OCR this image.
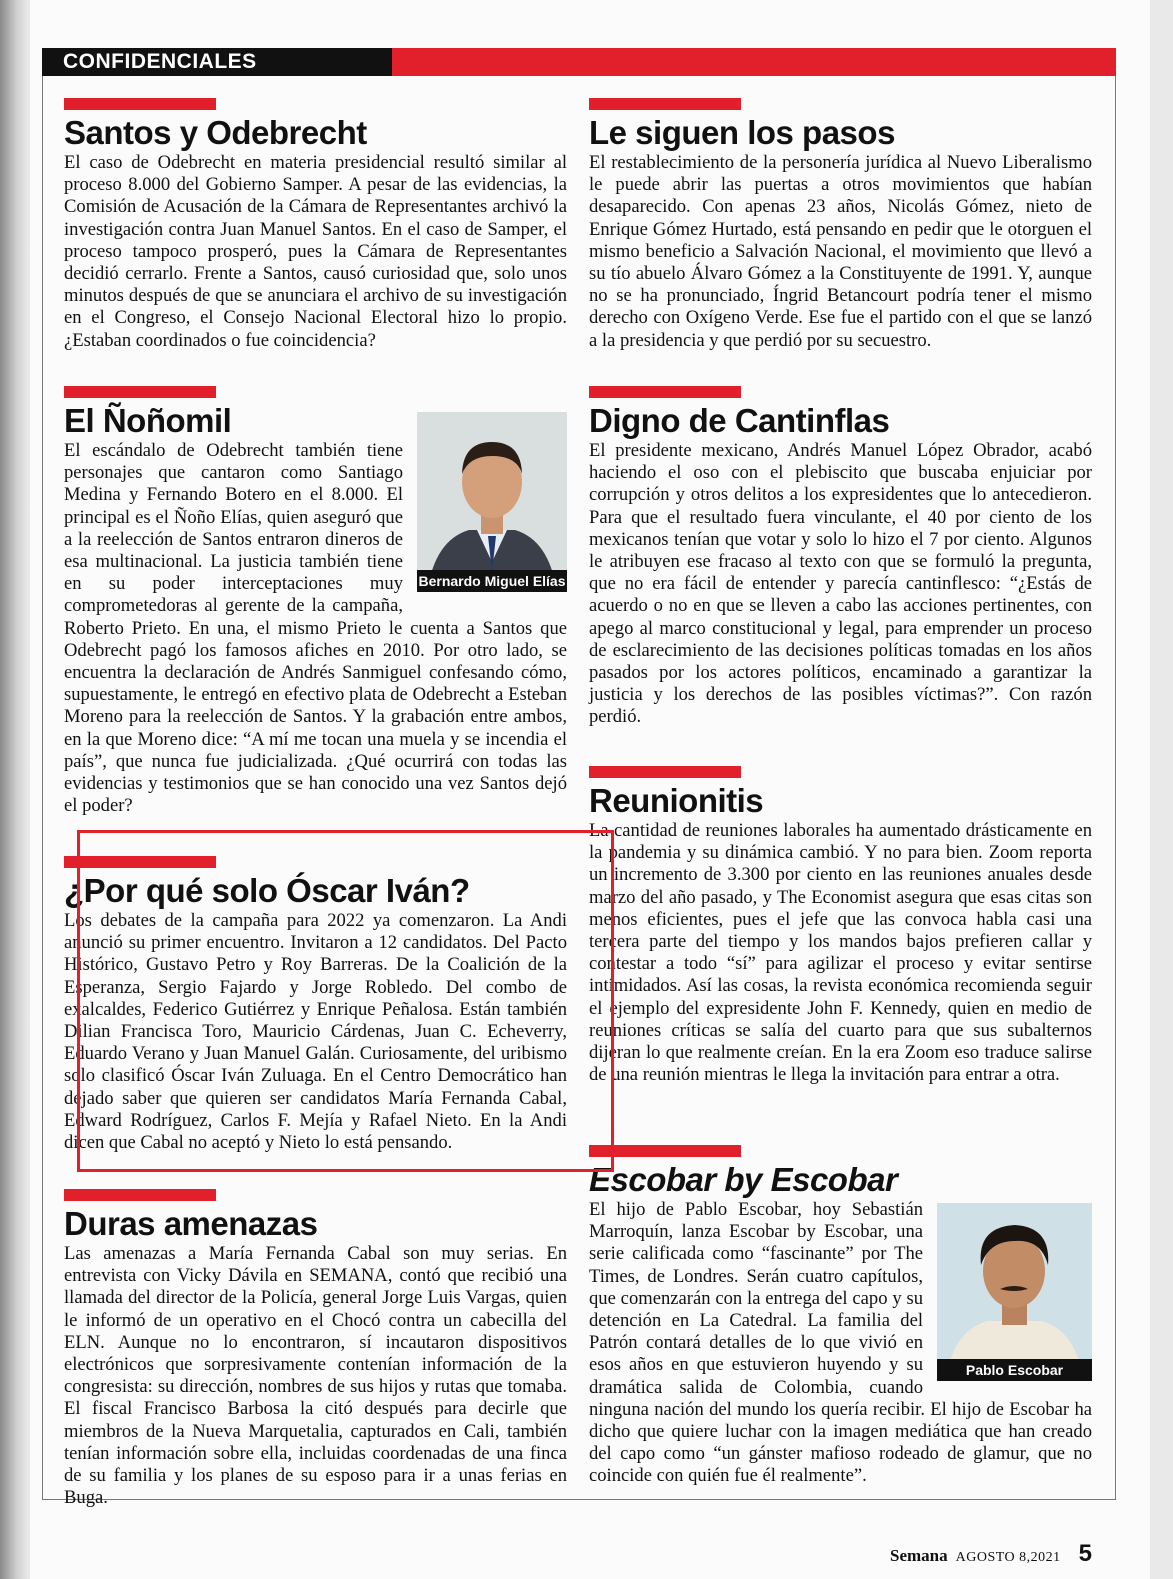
CONFIDENCIALES
Santos y Odebrecht

El caso de Odebrecht en materia presidencial resultó similar al proceso 8.000 del Gobierno Samper. A pesar de las evidencias, la Comisión de Acusación de la Cámara de Representantes archivó la investigación contra Juan Manuel Santos. En el caso de Samper, el proceso tampoco prosperó, pues la Cámara de Representantes decidió cerrarlo. Frente a Santos, causó curiosidad que, solo unos minutos después de que se anunciara el archivo de su investigación en el Congreso, el Consejo Nacional Electoral hizo lo propio. ¿Estaban coordinados o fue coincidencia?

El Ñoñomil
Bernardo Miguel Elías

El escándalo de Odebrecht también tiene personajes que cantaron como Santiago Medina y Fernando Botero en el 8.000. El principal es el Ñoño Elías, quien aseguró que a la reelección de Santos entraron dineros de esa multinacional. La justicia también tiene en su poder interceptaciones muy comprometedoras al gerente de la campaña, Roberto Prieto. En una, el mismo Prieto le cuenta a Santos que Odebrecht pagó los famosos afiches en 2010. Por otro lado, se encuentra la declaración de Andrés Sanmiguel confesando cómo, supuestamente, le entregó en efectivo plata de Odebrecht a Esteban Moreno para la reelección de Santos. Y la grabación entre ambos, en la que Moreno dice: “A mí me tocan una muela y se incendia el país”, que nunca fue judicializada. ¿Qué ocurrirá con todas las evidencias y testimonios que se han conocido una vez Santos dejó el poder?

¿Por qué solo Óscar Iván?

Los debates de la campaña para 2022 ya comenzaron. La Andi anunció su primer encuentro. Invitaron a 12 candidatos. Del Pacto Histórico, Gustavo Petro y Roy Barreras. De la Coalición de la Esperanza, Sergio Fajardo y Jorge Robledo. Del combo de exalcaldes, Federico Gutiérrez y Enrique Peñalosa. Están también Dilian Francisca Toro, Mauricio Cárdenas, Juan C. Echeverry, Eduardo Verano y Juan Manuel Galán. Curiosamente, del uribismo solo clasificó Óscar Iván Zuluaga. En el Centro Democrático han dejado saber que quieren ser candidatos María Fernanda Cabal, Edward Rodríguez, Carlos F. Mejía y Rafael Nieto. En la Andi dicen que Cabal no aceptó y Nieto lo está pensando.

Duras amenazas

Las amenazas a María Fernanda Cabal son muy serias. En entrevista con Vicky Dávila en SEMANA, contó que recibió una llamada del director de la Policía, general Jorge Luis Vargas, quien le informó de un operativo en el Chocó contra un cabecilla del ELN. Aunque no lo encontraron, sí incautaron dispositivos electrónicos que sorpresivamente contenían información de la congresista: su dirección, nombres de sus hijos y rutas que tomaba. El fiscal Francisco Barbosa la citó después para decirle que miembros de la Nueva Marquetalia, capturados en Cali, también tenían información sobre ella, incluidas coordenadas de una finca de su familia y los planes de su esposo para ir a unas ferias en Buga.

Le siguen los pasos

El restablecimiento de la personería jurídica al Nuevo Liberalismo le puede abrir las puertas a otros movimientos que habían desaparecido. Con apenas 23 años, Nicolás Gómez, nieto de Enrique Gómez Hurtado, está pensando en pedir que le otorguen el mismo beneficio a Salvación Nacional, el movimiento que llevó a su tío abuelo Álvaro Gómez a la Constituyente de 1991. Y, aunque no se ha pronunciado, Íngrid Betancourt podría tener el mismo derecho con Oxígeno Verde. Ese fue el partido con el que se lanzó a la presidencia y que perdió por su secuestro.

Digno de Cantinflas

El presidente mexicano, Andrés Manuel López Obrador, acabó haciendo el oso con el plebiscito que buscaba enjuiciar por corrupción y otros delitos a los expresidentes que lo antecedieron. Para que el resultado fuera vinculante, el 40 por ciento de los mexicanos tenían que votar y solo lo hizo el 7 por ciento. Algunos le atribuyen ese fracaso al texto con que se formuló la pregunta, que no era fácil de entender y parecía cantinflesco: “¿Estás de acuerdo o no en que se lleven a cabo las acciones pertinentes, con apego al marco constitucional y legal, para emprender un proceso de esclarecimiento de las decisiones políticas tomadas en los años pasados por los actores políticos, encaminado a garantizar la justicia y los derechos de las posibles víctimas?”. Con razón perdió.

Reunionitis

La cantidad de reuniones laborales ha aumentado drásticamente en la pandemia y su dinámica cambió. Y no para bien. Zoom reporta un incremento de 3.300 por ciento en las reuniones anuales desde marzo del año pasado, y The Economist asegura que esas citas son menos eficientes, pues el jefe que las convoca habla casi una tercera parte del tiempo y los mandos bajos prefieren callar y contestar a todo “sí” para agilizar el proceso y evitar sentirse intimidados. Así las cosas, la revista económica recomienda seguir el ejemplo del expresidente John F. Kennedy, quien en medio de reuniones críticas se salía del cuarto para que sus subalternos dijeran lo que realmente creían. En la era Zoom eso traduce salirse de una reunión mientras le llega la invitación para entrar a otra.

Escobar by Escobar
Pablo Escobar

El hijo de Pablo Escobar, hoy Sebastián Marroquín, lanza Escobar by Escobar, una serie calificada como “fascinante” por The Times, de Londres. Serán cuatro capítulos, que comenzarán con la entrega del capo y su detención en La Catedral. La familia del Patrón contará detalles de lo que vivió en esos años en que estuvieron huyendo y su dramática salida de Colombia, cuando ninguna nación del mundo los quería recibir. El hijo de Escobar ha dicho que quiere luchar con la imagen mediática que han creado del capo como “un gánster mafioso rodeado de glamur, que no coincide con quién fue él realmente”.

Semana AGOSTO 8,2021 5
